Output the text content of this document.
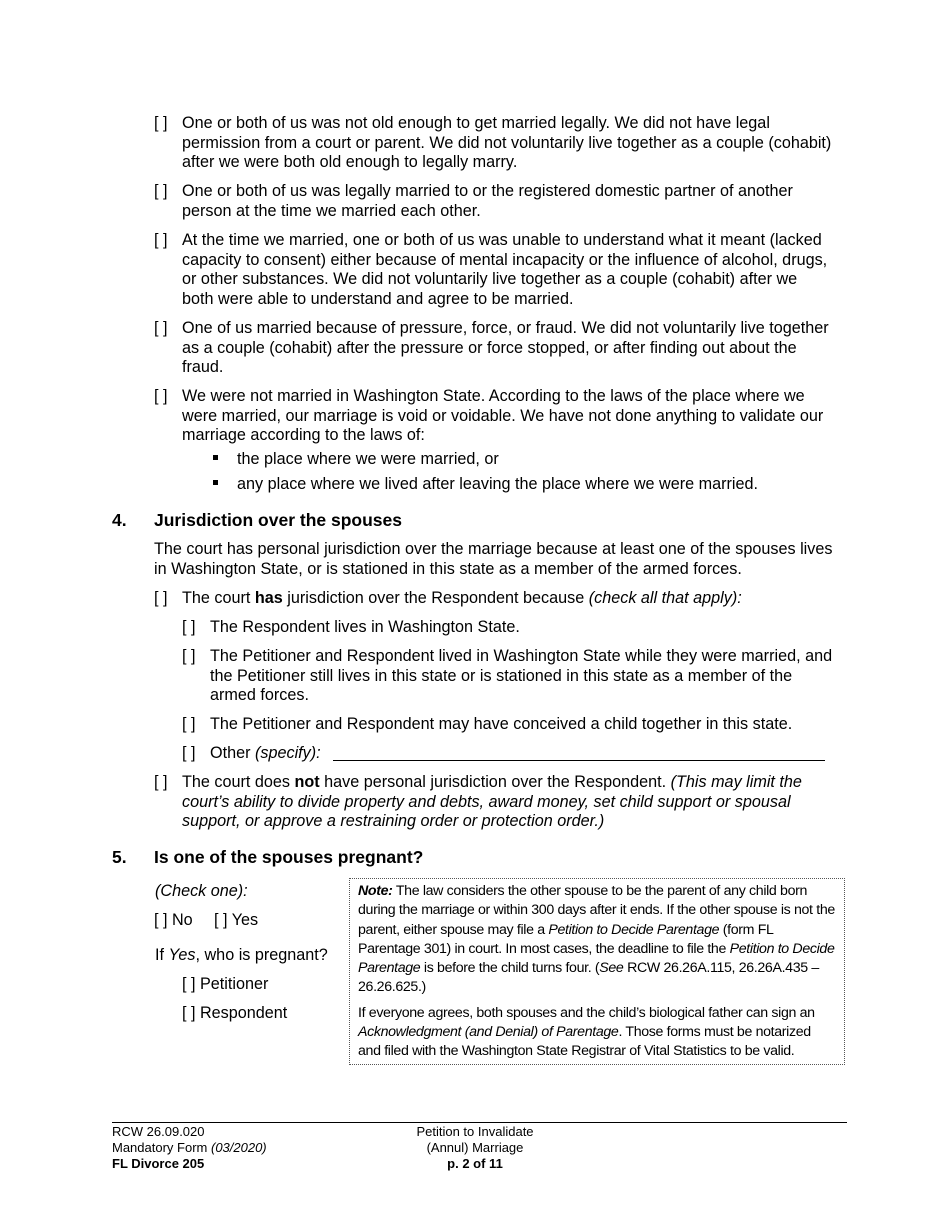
[ ] One or both of us was not old enough to get married legally. We did not have legal permission from a court or parent. We did not voluntarily live together as a couple (cohabit) after we were both old enough to legally marry.
[ ] One or both of us was legally married to or the registered domestic partner of another person at the time we married each other.
[ ] At the time we married, one or both of us was unable to understand what it meant (lacked capacity to consent) either because of mental incapacity or the influence of alcohol, drugs, or other substances. We did not voluntarily live together as a couple (cohabit) after we both were able to understand and agree to be married.
[ ] One of us married because of pressure, force, or fraud. We did not voluntarily live together as a couple (cohabit) after the pressure or force stopped, or after finding out about the fraud.
[ ] We were not married in Washington State. According to the laws of the place where we were married, our marriage is void or voidable. We have not done anything to validate our marriage according to the laws of:
the place where we were married, or
any place where we lived after leaving the place where we were married.
4. Jurisdiction over the spouses
The court has personal jurisdiction over the marriage because at least one of the spouses lives in Washington State, or is stationed in this state as a member of the armed forces.
[ ] The court has jurisdiction over the Respondent because (check all that apply):
[ ] The Respondent lives in Washington State.
[ ] The Petitioner and Respondent lived in Washington State while they were married, and the Petitioner still lives in this state or is stationed in this state as a member of the armed forces.
[ ] The Petitioner and Respondent may have conceived a child together in this state.
[ ] Other (specify):
[ ] The court does not have personal jurisdiction over the Respondent. (This may limit the court’s ability to divide property and debts, award money, set child support or spousal support, or approve a restraining order or protection order.)
5. Is one of the spouses pregnant?
(Check one):
[ ] No [ ] Yes
If Yes, who is pregnant?
[ ] Petitioner
[ ] Respondent

Note: The law considers the other spouse to be the parent of any child born during the marriage or within 300 days after it ends. If the other spouse is not the parent, either spouse may file a Petition to Decide Parentage (form FL Parentage 301) in court. In most cases, the deadline to file the Petition to Decide Parentage is before the child turns four. (See RCW 26.26A.115, 26.26A.435 – 26.26.625.)

If everyone agrees, both spouses and the child’s biological father can sign an Acknowledgment (and Denial) of Parentage. Those forms must be notarized and filed with the Washington State Registrar of Vital Statistics to be valid.

RCW 26.09.020
Mandatory Form (03/2020)
FL Divorce 205
Petition to Invalidate
(Annul) Marriage
p. 2 of 11
